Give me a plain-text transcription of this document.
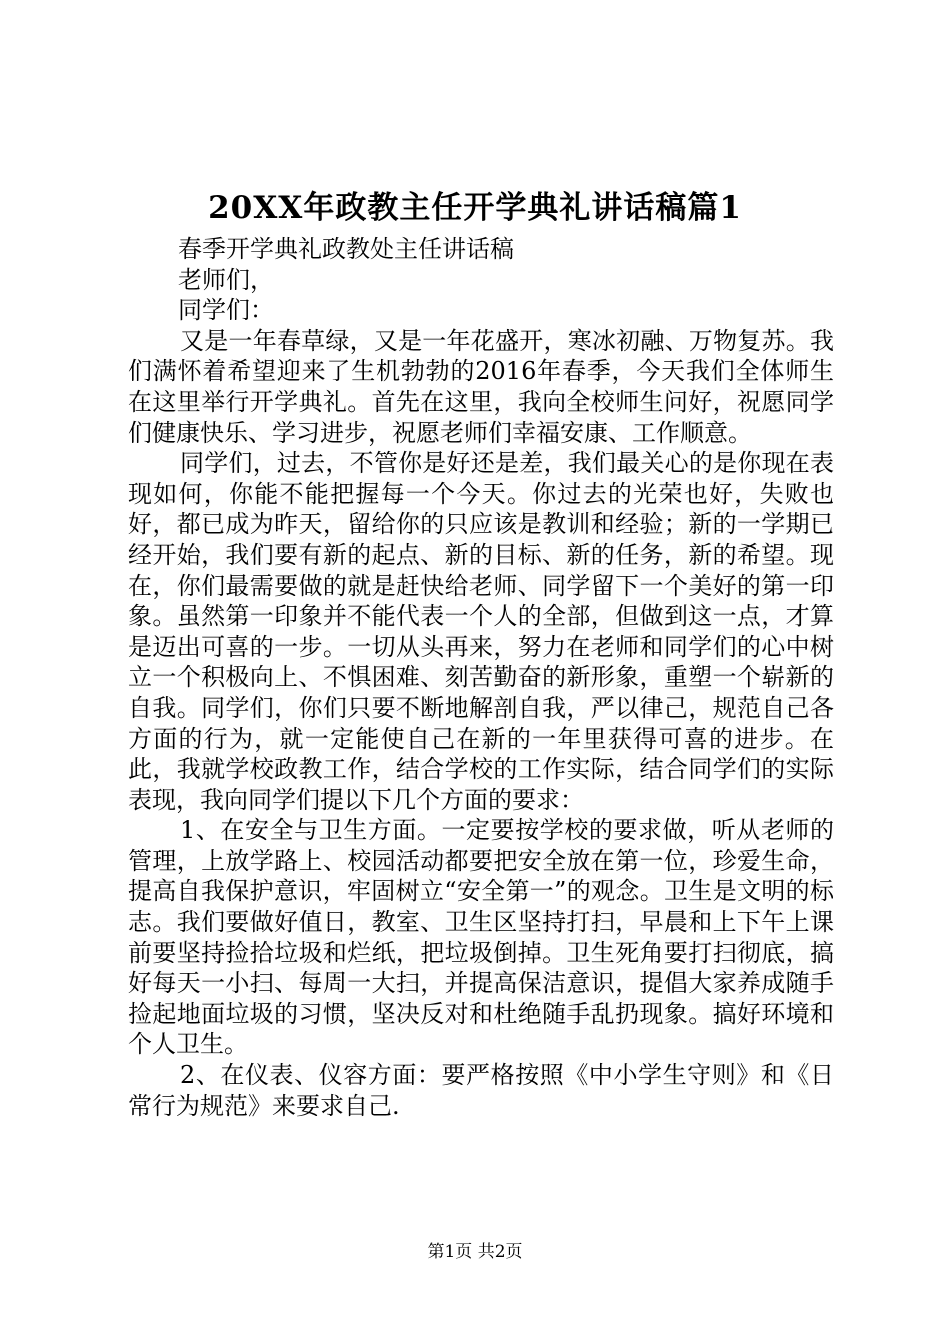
20XX年政教主任开学典礼讲话稿篇1

春季开学典礼政教处主任讲话稿

老师们，

同学们：

又是一年春草绿，又是一年花盛开，寒冰初融、万物复苏。我们满怀着希望迎来了生机勃勃的2016年春季，今天我们全体师生在这里举行开学典礼。首先在这里，我向全校师生问好，祝愿同学们健康快乐、学习进步，祝愿老师们幸福安康、工作顺意。

同学们，过去，不管你是好还是差，我们最关心的是你现在表现如何，你能不能把握每一个今天。你过去的光荣也好，失败也好，都已成为昨天，留给你的只应该是教训和经验；新的一学期已经开始，我们要有新的起点、新的目标、新的任务，新的希望。现在，你们最需要做的就是赶快给老师、同学留下一个美好的第一印象。虽然第一印象并不能代表一个人的全部，但做到这一点，才算是迈出可喜的一步。一切从头再来，努力在老师和同学们的心中树立一个积极向上、不惧困难、刻苦勤奋的新形象，重塑一个崭新的自我。同学们，你们只要不断地解剖自我，严以律己，规范自己各方面的行为，就一定能使自己在新的一年里获得可喜的进步。在此，我就学校政教工作，结合学校的工作实际，结合同学们的实际表现，我向同学们提以下几个方面的要求：

1、在安全与卫生方面。一定要按学校的要求做，听从老师的管理，上放学路上、校园活动都要把安全放在第一位，珍爱生命，提高自我保护意识，牢固树立“安全第一”的观念。卫生是文明的标志。我们要做好值日，教室、卫生区坚持打扫，早晨和上下午上课前要坚持捡拾垃圾和烂纸，把垃圾倒掉。卫生死角要打扫彻底，搞好每天一小扫、每周一大扫，并提高保洁意识，提倡大家养成随手捡起地面垃圾的习惯，坚决反对和杜绝随手乱扔现象。搞好环境和个人卫生。

2、在仪表、仪容方面：要严格按照《中小学生守则》和《日常行为规范》来要求自己.

第1页 共2页
